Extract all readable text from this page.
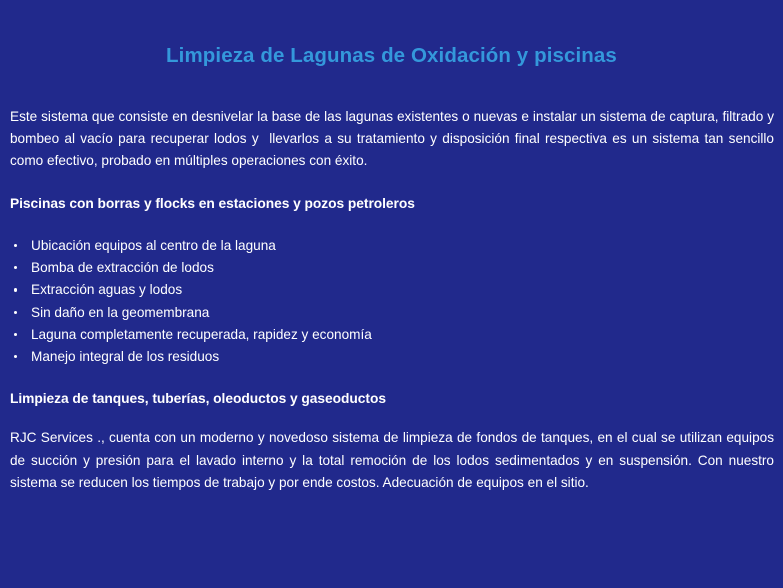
Limpieza de Lagunas de Oxidación y piscinas

Este sistema que consiste en desnivelar la base de las lagunas existentes o nuevas e instalar un sistema de captura, filtrado y bombeo al vacío para recuperar lodos y  llevarlos a su tratamiento y disposición final respectiva es un sistema tan sencillo como efectivo, probado en múltiples operaciones con éxito.

Piscinas con borras y flocks en estaciones y pozos petroleros
Ubicación equipos al centro de la laguna
Bomba de extracción de lodos
Extracción aguas y lodos
Sin daño en la geomembrana
Laguna completamente recuperada, rapidez y economía
Manejo integral de los residuos
Limpieza de tanques, tuberías, oleoductos y gaseoductos

RJC Services ., cuenta con un moderno y novedoso sistema de limpieza de fondos de tanques, en el cual se utilizan equipos de succión y presión para el lavado interno y la total remoción de los lodos sedimentados y en suspensión. Con nuestro sistema se reducen los tiempos de trabajo y por ende costos. Adecuación de equipos en el sitio.
